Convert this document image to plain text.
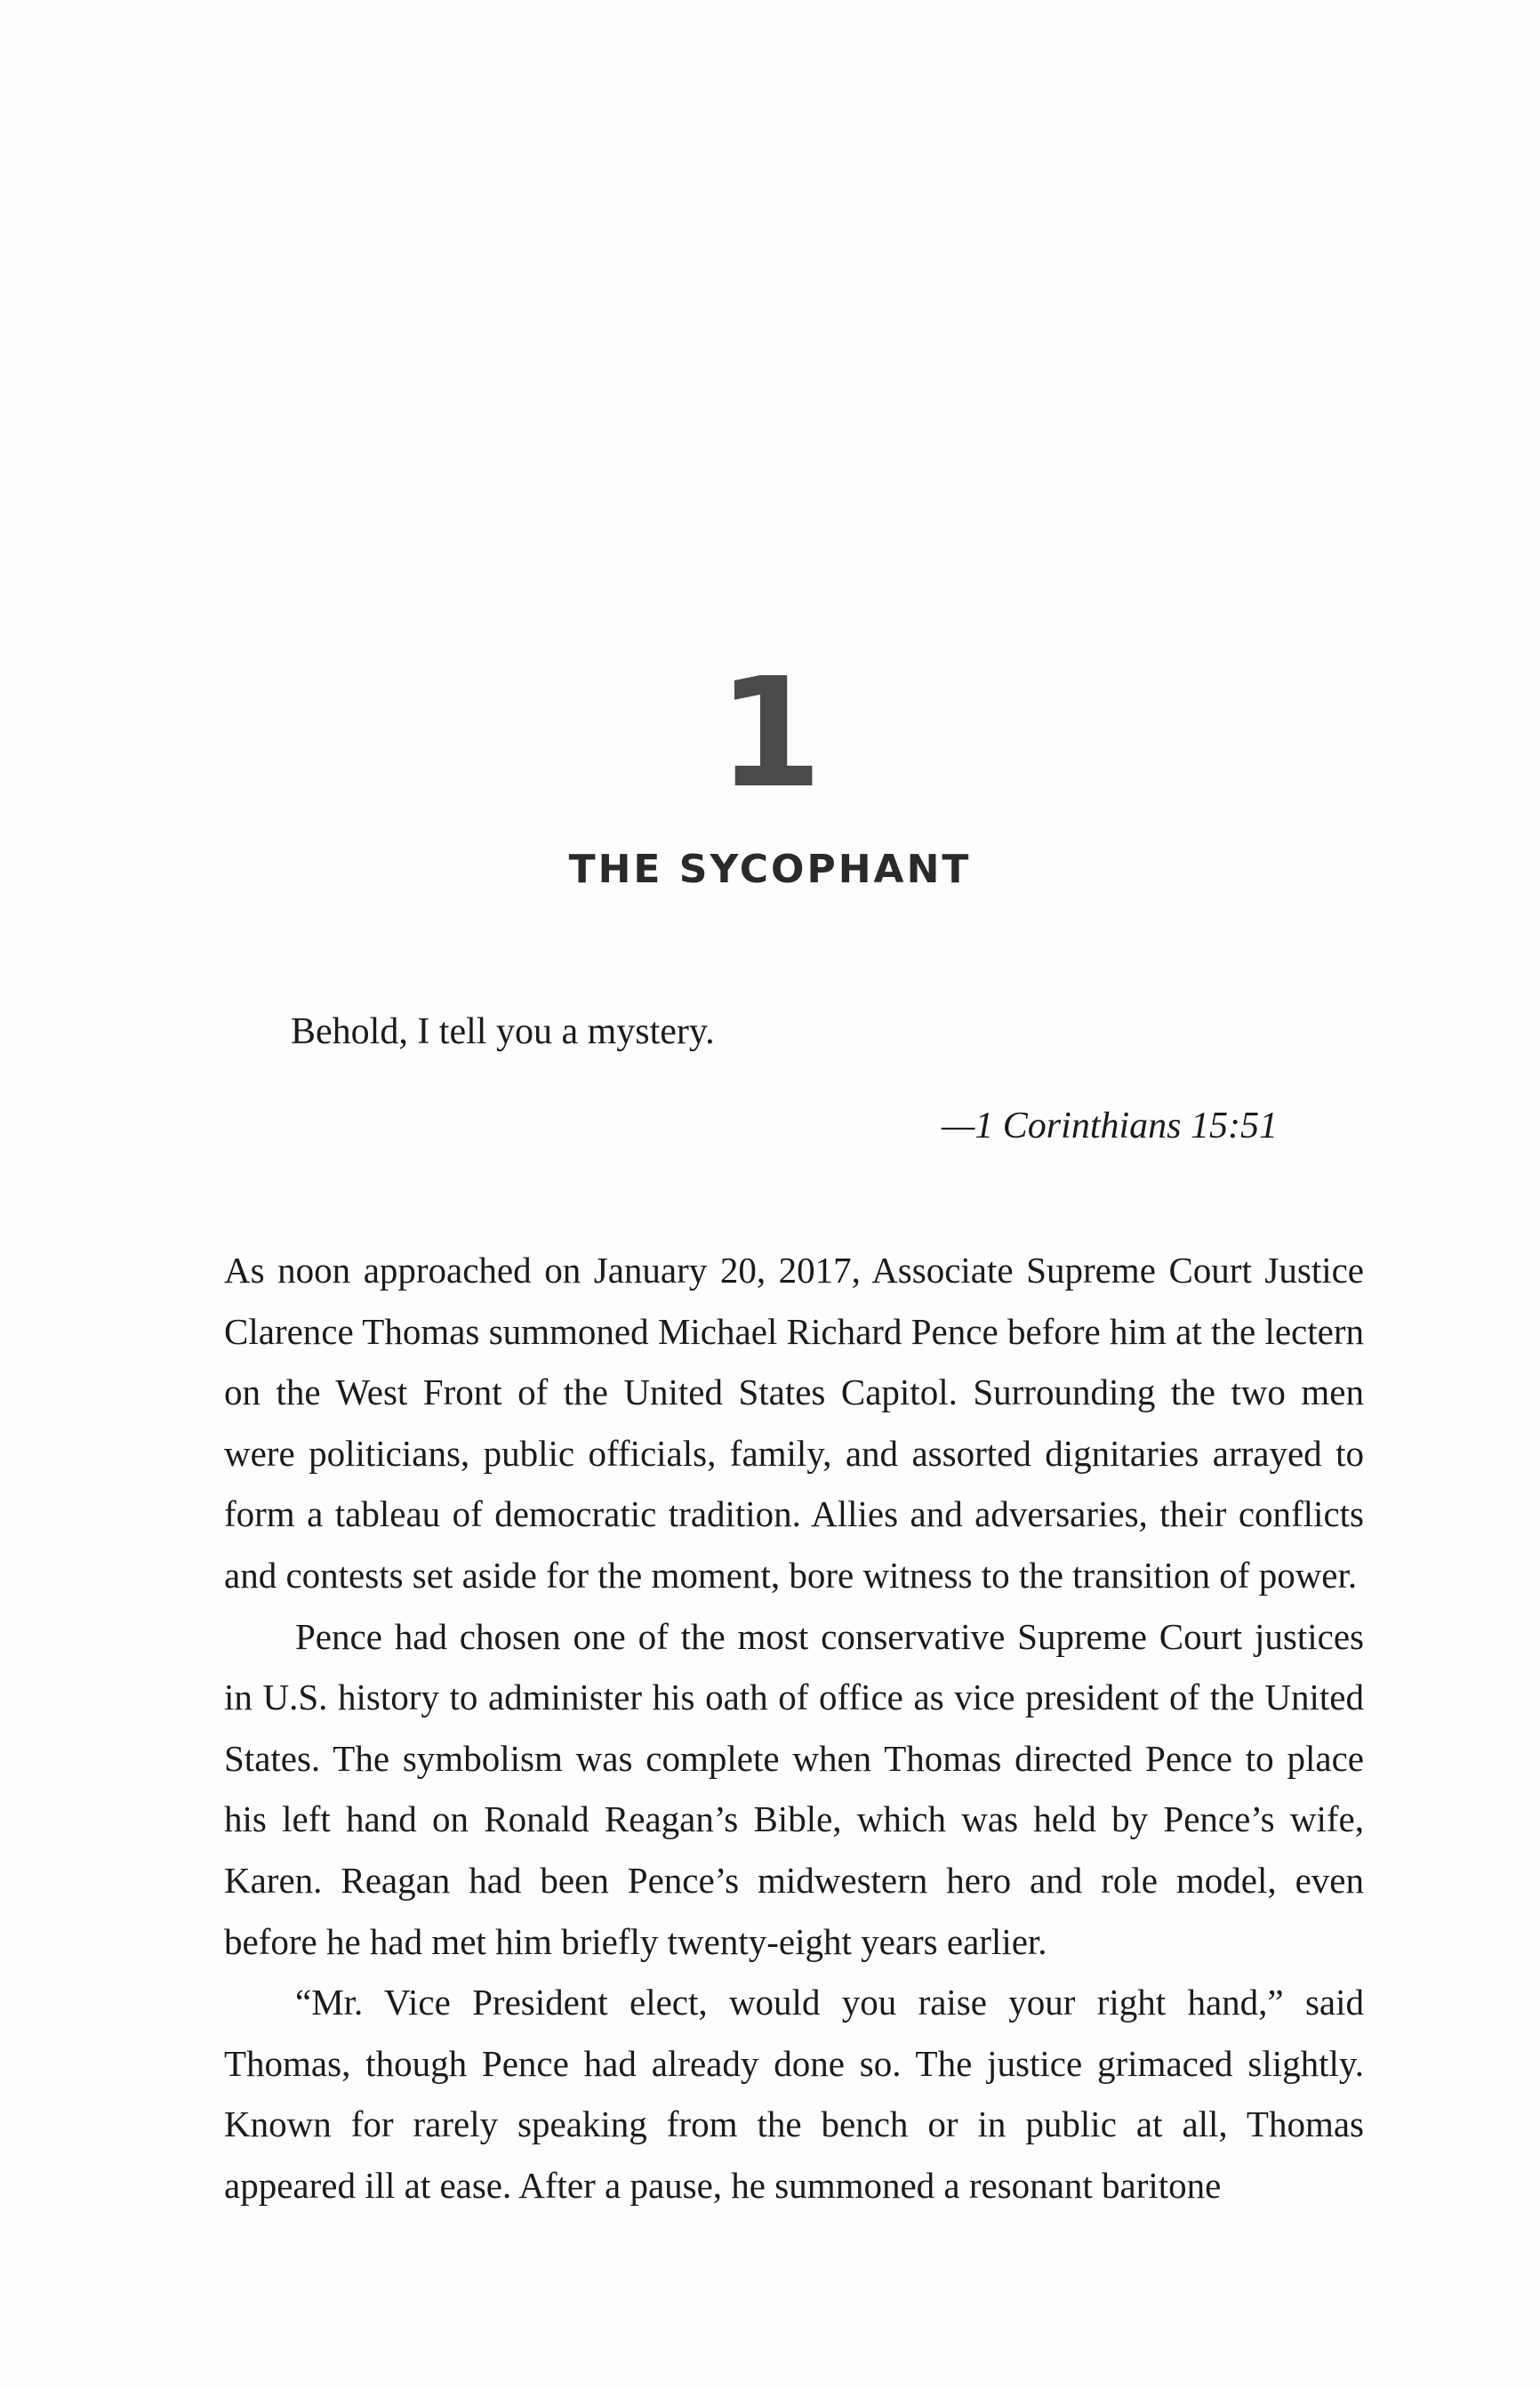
1
THE SYCOPHANT
Behold, I tell you a mystery.
—1 Corinthians 15:51

As noon approached on January 20, 2017, Associate Supreme Court Justice Clarence Thomas summoned Michael Richard Pence before him at the lectern on the West Front of the United States Capitol. Surrounding the two men were politicians, public officials, family, and assorted dignitaries arrayed to form a tableau of democratic tradition. Allies and adversaries, their conflicts and contests set aside for the moment, bore witness to the transition of power.

Pence had chosen one of the most conservative Supreme Court justices in U.S. history to administer his oath of office as vice president of the United States. The symbolism was complete when Thomas directed Pence to place his left hand on Ronald Reagan’s Bible, which was held by Pence’s wife, Karen. Reagan had been Pence’s midwestern hero and role model, even before he had met him briefly twenty-eight years earlier.

“Mr. Vice President elect, would you raise your right hand,” said Thomas, though Pence had already done so. The justice grimaced slightly. Known for rarely speaking from the bench or in public at all, Thomas appeared ill at ease. After a pause, he summoned a resonant baritone
